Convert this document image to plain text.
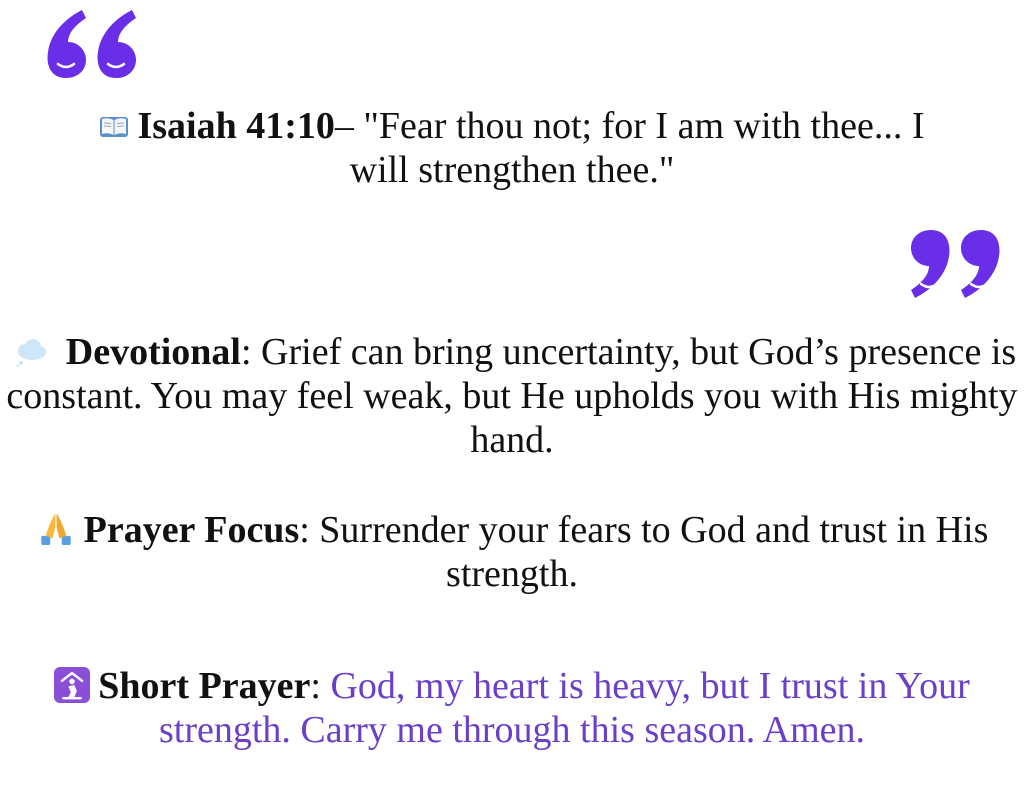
Isaiah 41:10– "Fear thou not; for I am with thee... I will strengthen thee."

Devotional: Grief can bring uncertainty, but God’s presence is constant. You may feel weak, but He upholds you with His mighty hand.

Prayer Focus: Surrender your fears to God and trust in His strength.

Short Prayer: God, my heart is heavy, but I trust in Your strength. Carry me through this season. Amen.
